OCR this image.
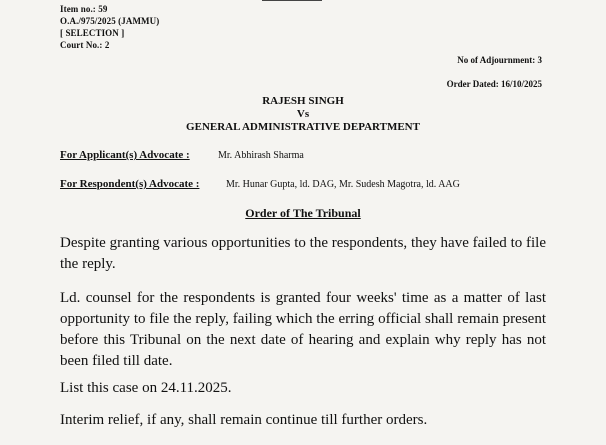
Item no.: 59
O.A./975/2025 (JAMMU)
[ SELECTION ]
Court No.: 2
No of Adjournment: 3
Order Dated: 16/10/2025
RAJESH SINGH
Vs
GENERAL ADMINISTRATIVE DEPARTMENT
For Applicant(s) Advocate :	Mr. Abhirash Sharma
For Respondent(s) Advocate :	Mr. Hunar Gupta, ld. DAG, Mr. Sudesh Magotra, ld. AAG
Order of The Tribunal
Despite granting various opportunities to the respondents, they have failed to file the reply.
Ld. counsel for the respondents is granted four weeks' time as a matter of last opportunity to file the reply, failing which the erring official shall remain present before this Tribunal on the next date of hearing and explain why reply has not been filed till date.
List this case on 24.11.2025.
Interim relief, if any, shall remain continue till further orders.
